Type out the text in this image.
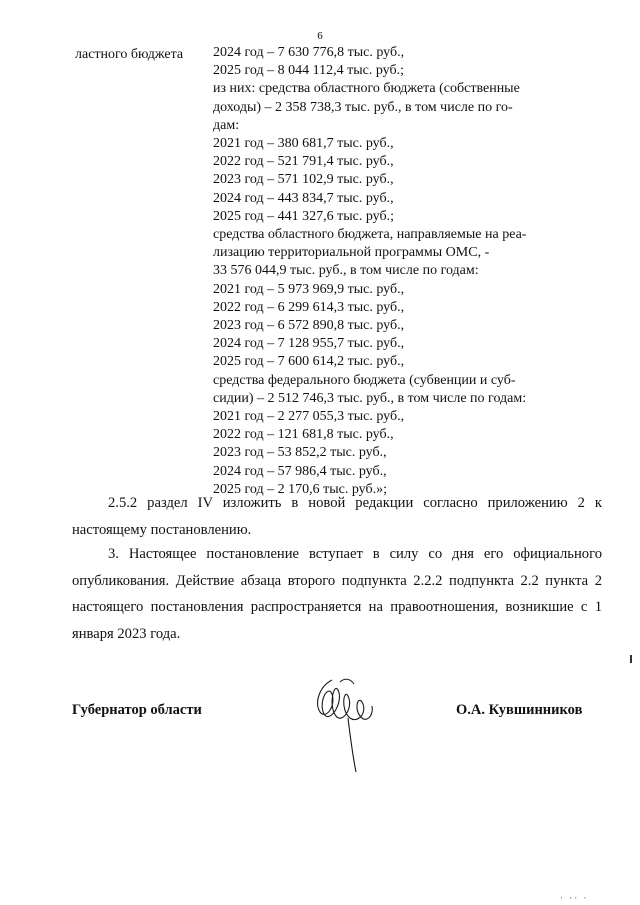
6
ластного бюджета 2024 год – 7 630 776,8 тыс. руб.,
2025 год – 8 044 112,4 тыс. руб.;
из них: средства областного бюджета (собственные
доходы) – 2 358 738,3 тыс. руб., в том числе по го-
дам:
2021 год – 380 681,7 тыс. руб.,
2022 год – 521 791,4 тыс. руб.,
2023 год – 571 102,9 тыс. руб.,
2024 год – 443 834,7 тыс. руб.,
2025 год – 441 327,6 тыс. руб.;
средства областного бюджета, направляемые на реа-
лизацию территориальной программы ОМС, -
33 576 044,9 тыс. руб., в том числе по годам:
2021 год – 5 973 969,9 тыс. руб.,
2022 год – 6 299 614,3 тыс. руб.,
2023 год – 6 572 890,8 тыс. руб.,
2024 год – 7 128 955,7 тыс. руб.,
2025 год – 7 600 614,2 тыс. руб.,
средства федерального бюджета (субвенции и суб-
сидии) – 2 512 746,3 тыс. руб., в том числе по годам:
2021 год – 2 277 055,3 тыс. руб.,
2022 год – 121 681,8 тыс. руб.,
2023 год – 53 852,2 тыс. руб.,
2024 год – 57 986,4 тыс. руб.,
2025 год – 2 170,6 тыс. руб.»;
2.5.2 раздел IV изложить в новой редакции согласно приложению 2 к настоящему постановлению.
3. Настоящее постановление вступает в силу со дня его официального опубликования. Действие абзаца второго подпункта 2.2.2 подпункта 2.2 пункта 2 настоящего постановления распространяется на правоотношения, возникшие с 1 января 2023 года.
Губернатор области	О.А. Кувшинников
· ·· ·
